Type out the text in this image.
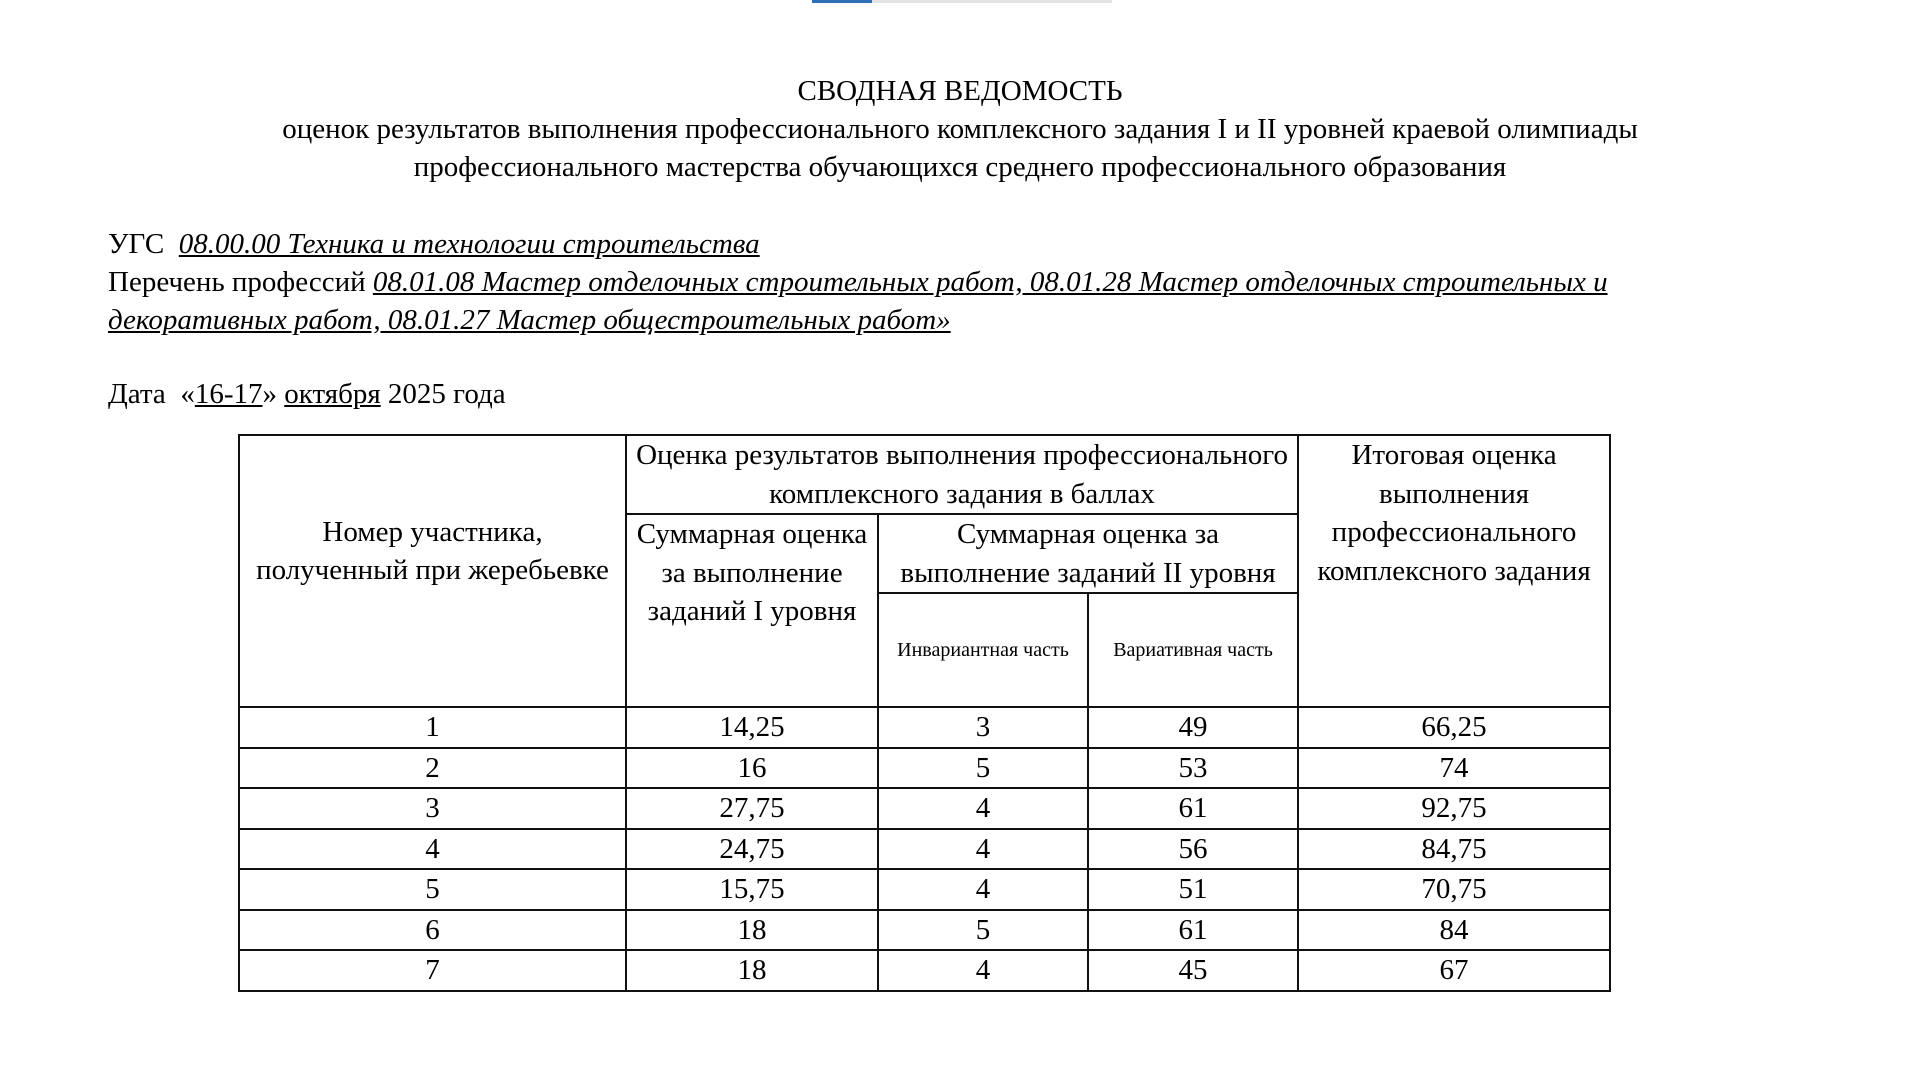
СВОДНАЯ ВЕДОМОСТЬ
оценок результатов выполнения профессионального комплексного задания I и II уровней краевой олимпиады
профессионального мастерства обучающихся среднего профессионального образования
УГС 08.00.00 Техника и технологии строительства
Перечень профессий 08.01.08 Мастер отделочных строительных работ, 08.01.28 Мастер отделочных строительных и
декоративных работ, 08.01.27 Мастер общестроительных работ»
Дата «16-17» октября 2025 года
Номер участника, полученный при жеребьевке	Оценка результатов выполнения профессионального комплексного задания в баллах			Итоговая оценка выполнения профессионального комплексного задания
	Суммарная оценка за выполнение заданий I уровня	Суммарная оценка за выполнение заданий II уровня		
		Инвариантная часть	Вариативная часть	
1	14,25	3	49	66,25
2	16	5	53	74
3	27,75	4	61	92,75
4	24,75	4	56	84,75
5	15,75	4	51	70,75
6	18	5	61	84
7	18	4	45	67
